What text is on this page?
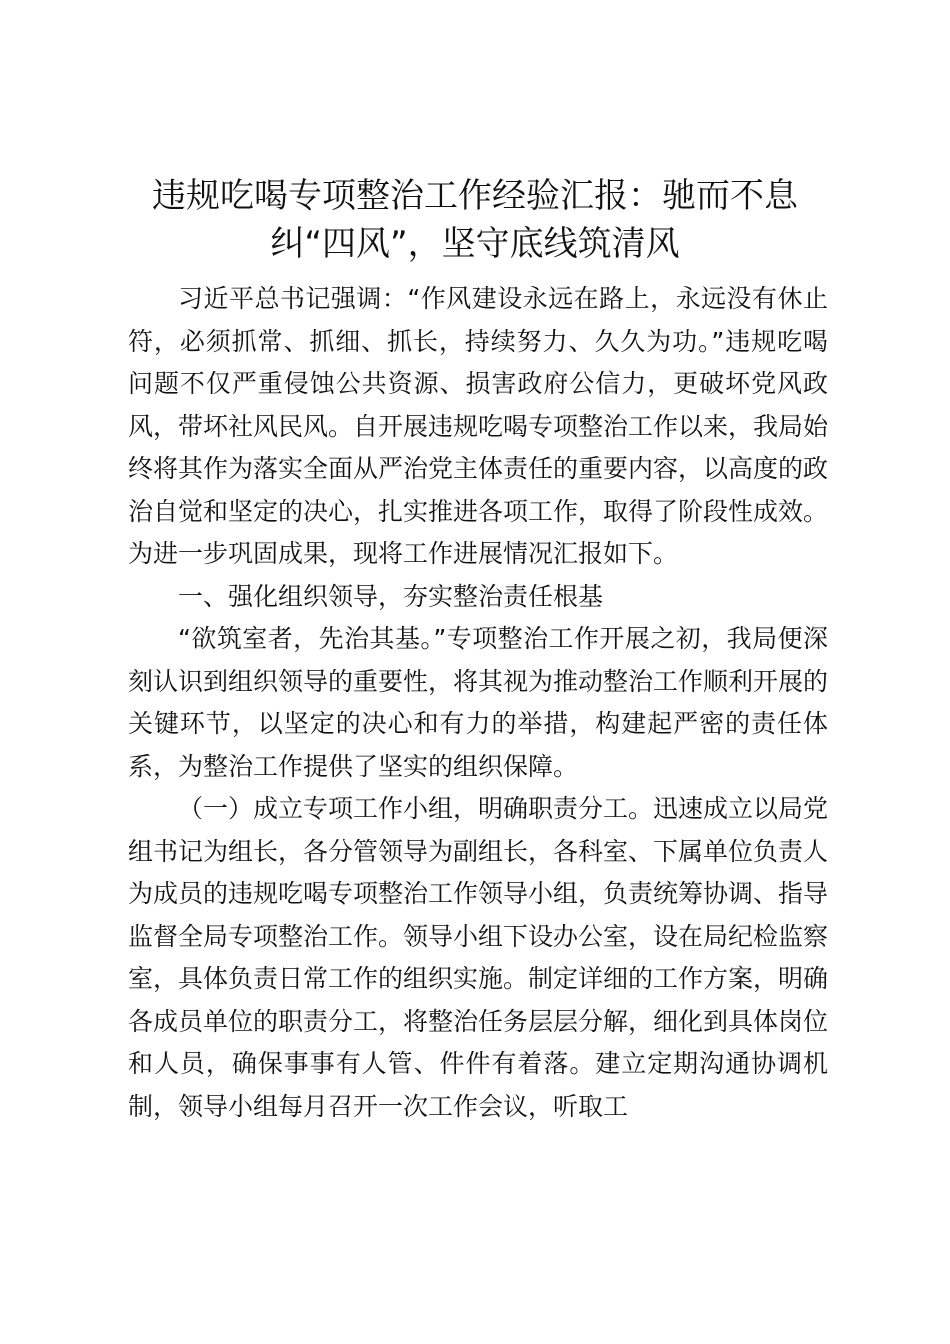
违规吃喝专项整治工作经验汇报：驰而不息
纠“四风”，坚守底线筑清风

习近平总书记强调：“作风建设永远在路上，永远没有休止符，必须抓常、抓细、抓长，持续努力、久久为功。”违规吃喝问题不仅严重侵蚀公共资源、损害政府公信力，更破坏党风政风，带坏社风民风。自开展违规吃喝专项整治工作以来，我局始终将其作为落实全面从严治党主体责任的重要内容，以高度的政治自觉和坚定的决心，扎实推进各项工作，取得了阶段性成效。为进一步巩固成果，现将工作进展情况汇报如下。

一、强化组织领导，夯实整治责任根基

“欲筑室者，先治其基。”专项整治工作开展之初，我局便深刻认识到组织领导的重要性，将其视为推动整治工作顺利开展的关键环节，以坚定的决心和有力的举措，构建起严密的责任体系，为整治工作提供了坚实的组织保障。

（一）成立专项工作小组，明确职责分工。迅速成立以局党组书记为组长，各分管领导为副组长，各科室、下属单位负责人为成员的违规吃喝专项整治工作领导小组，负责统筹协调、指导监督全局专项整治工作。领导小组下设办公室，设在局纪检监察室，具体负责日常工作的组织实施。制定详细的工作方案，明确各成员单位的职责分工，将整治任务层层分解，细化到具体岗位和人员，确保事事有人管、件件有着落。建立定期沟通协调机制，领导小组每月召开一次工作会议，听取工
